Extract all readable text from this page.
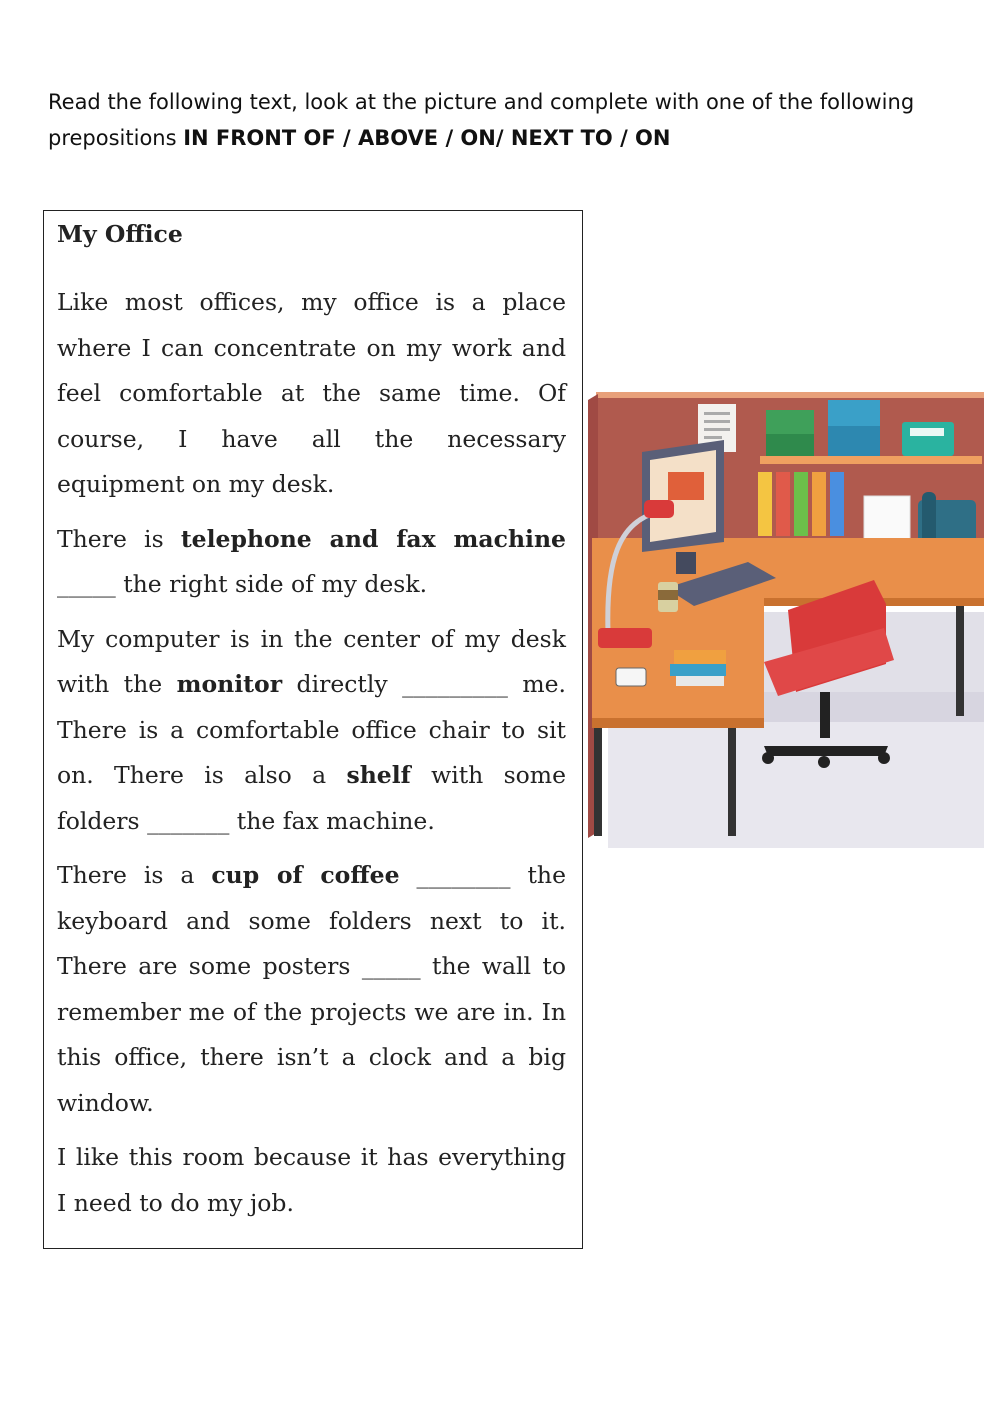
Read the following text, look at the picture and complete with one of the following prepositions IN FRONT OF / ABOVE / ON/ NEXT TO / ON
My Office

Like most offices, my office is a place where I can concentrate on my work and feel comfortable at the same time. Of course, I have all the necessary equipment on my desk.

There is telephone and fax machine _____ the right side of my desk.

My computer is in the center of my desk with the monitor directly _________ me. There is a comfortable office chair to sit on. There is also a shelf with some folders _______ the fax machine.

There is a cup of coffee ________ the keyboard and some folders next to it. There are some posters _____ the wall to remember me of the projects we are in. In this office, there isn’t a clock and a big window.

I like this room because it has everything I need to do my job.
